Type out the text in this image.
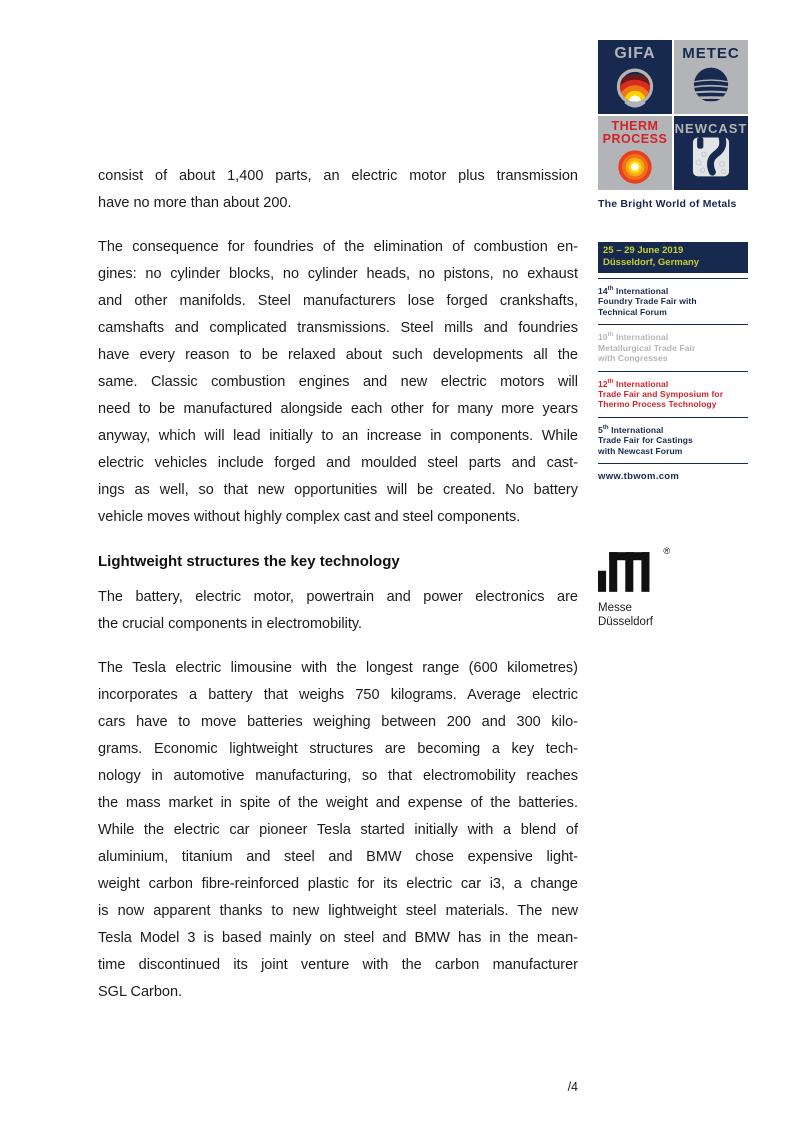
consist of about 1,400 parts, an electric motor plus transmission
have no more than about 200.
The consequence for foundries of the elimination of combustion en-
gines: no cylinder blocks, no cylinder heads, no pistons, no exhaust
and other manifolds. Steel manufacturers lose forged crankshafts,
camshafts and complicated transmissions. Steel mills and foundries
have every reason to be relaxed about such developments all the
same. Classic combustion engines and new electric motors will
need to be manufactured alongside each other for many more years
anyway, which will lead initially to an increase in components. While
electric vehicles include forged and moulded steel parts and cast-
ings as well, so that new opportunities will be created. No battery
vehicle moves without highly complex cast and steel components.
Lightweight structures the key technology
The battery, electric motor, powertrain and power electronics are
the crucial components in electromobility.
The Tesla electric limousine with the longest range (600 kilometres)
incorporates a battery that weighs 750 kilograms. Average electric
cars have to move batteries weighing between 200 and 300 kilo-
grams. Economic lightweight structures are becoming a key tech-
nology in automotive manufacturing, so that electromobility reaches
the mass market in spite of the weight and expense of the batteries.
While the electric car pioneer Tesla started initially with a blend of
aluminium, titanium and steel and BMW chose expensive light-
weight carbon fibre-reinforced plastic for its electric car i3, a change
is now apparent thanks to new lightweight steel materials. The new
Tesla Model 3 is based mainly on steel and BMW has in the mean-
time discontinued its joint venture with the carbon manufacturer
SGL Carbon.
GIFA METEC
THERM
PROCESS
NEWCAST
The Bright World of Metals
25 – 29 June 2019
Düsseldorf, Germany
14th International
Foundry Trade Fair with
Technical Forum
10th International
Metallurgical Trade Fair
with Congresses
12th International
Trade Fair and Symposium for
Thermo Process Technology
5th International
Trade Fair for Castings
with Newcast Forum
www.tbwom.com
®
Messe
Düsseldorf
/4
